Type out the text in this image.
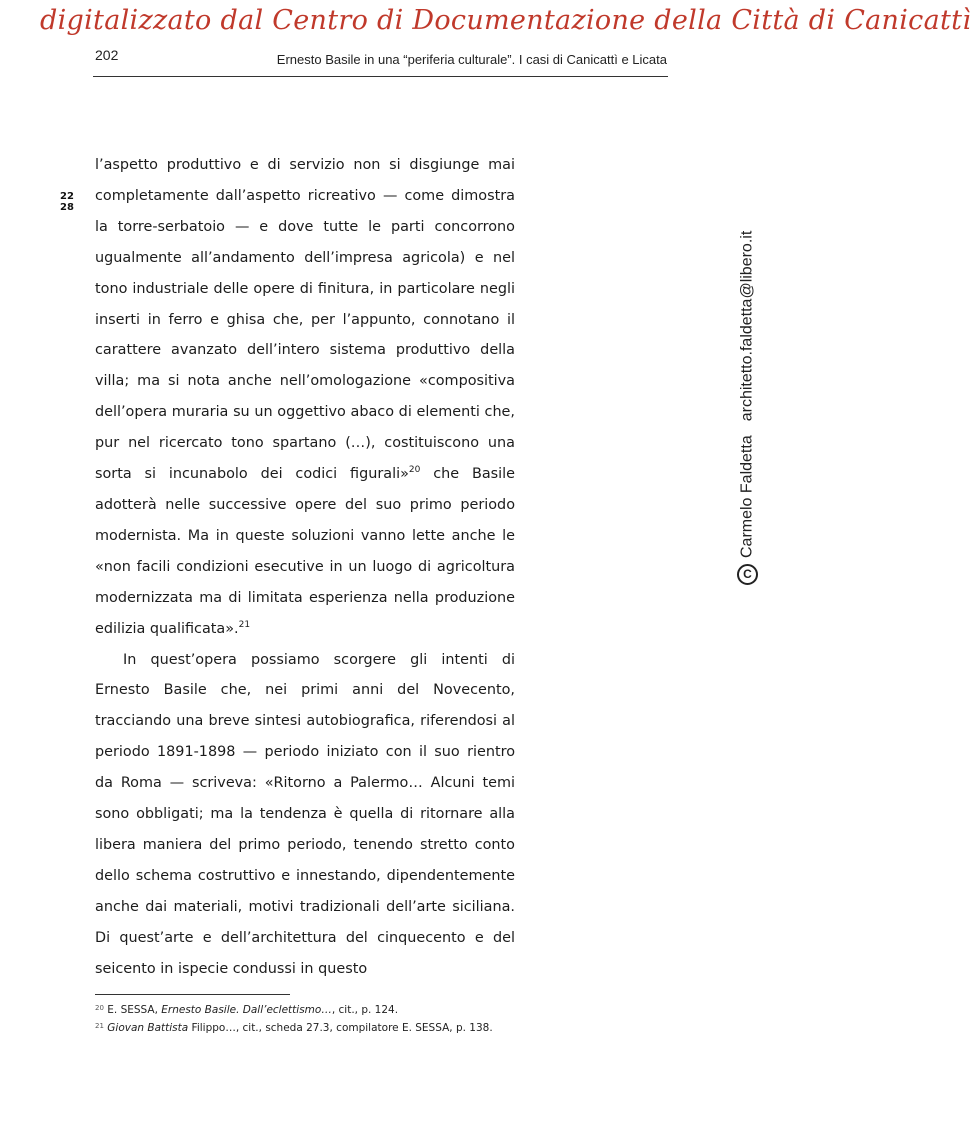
digitalizzato dal Centro di Documentazione della Città di Canicattì
202	Ernesto Basile in una “periferia culturale”. I casi di Canicattì e Licata
22
28

l’aspetto produttivo e di servizio non si disgiunge mai completamente dall’aspetto ricreativo — come dimostra la torre-serbatoio — e dove tutte le parti concorrono ugualmente all’andamento dell’impresa agricola) e nel tono industriale delle opere di finitura, in particolare negli inserti in ferro e ghisa che, per l’appunto, connotano il carattere avanzato dell’intero sistema produttivo della villa; ma si nota anche nell’omologazione «compositiva dell’opera muraria su un oggettivo abaco di elementi che, pur nel ricercato tono spartano (…), costituiscono una sorta si incunabolo dei codici figurali»$^{20}$ che Basile adotterà nelle successive opere del suo primo periodo modernista. Ma in queste soluzioni vanno lette anche le «non facili condizioni esecutive in un luogo di agricoltura modernizzata ma di limitata esperienza nella produzione edilizia qualificata».$^{21}$

In quest’opera possiamo scorgere gli intenti di Ernesto Basile che, nei primi anni del Novecento, tracciando una breve sintesi autobiografica, riferendosi al periodo 1891-1898 — periodo iniziato con il suo rientro da Roma — scriveva: «Ritorno a Palermo… Alcuni temi sono obbligati; ma la tendenza è quella di ritornare alla libera maniera del primo periodo, tenendo stretto conto dello schema costruttivo e innestando, dipendentemente anche dai materiali, motivi tradizionali dell’arte siciliana. Di quest’arte e dell’architettura del cinquecento e del seicento in ispecie condussi in questo

$^{20}$ E. SESSA, Ernesto Basile. Dall’eclettismo…, cit., p. 124.
$^{21}$ Giovan Battista Filippo…, cit., scheda 27.3, compilatore E. SESSA, p. 138.
CCarmelo Faldettaarchitetto.faldetta@libero.it
